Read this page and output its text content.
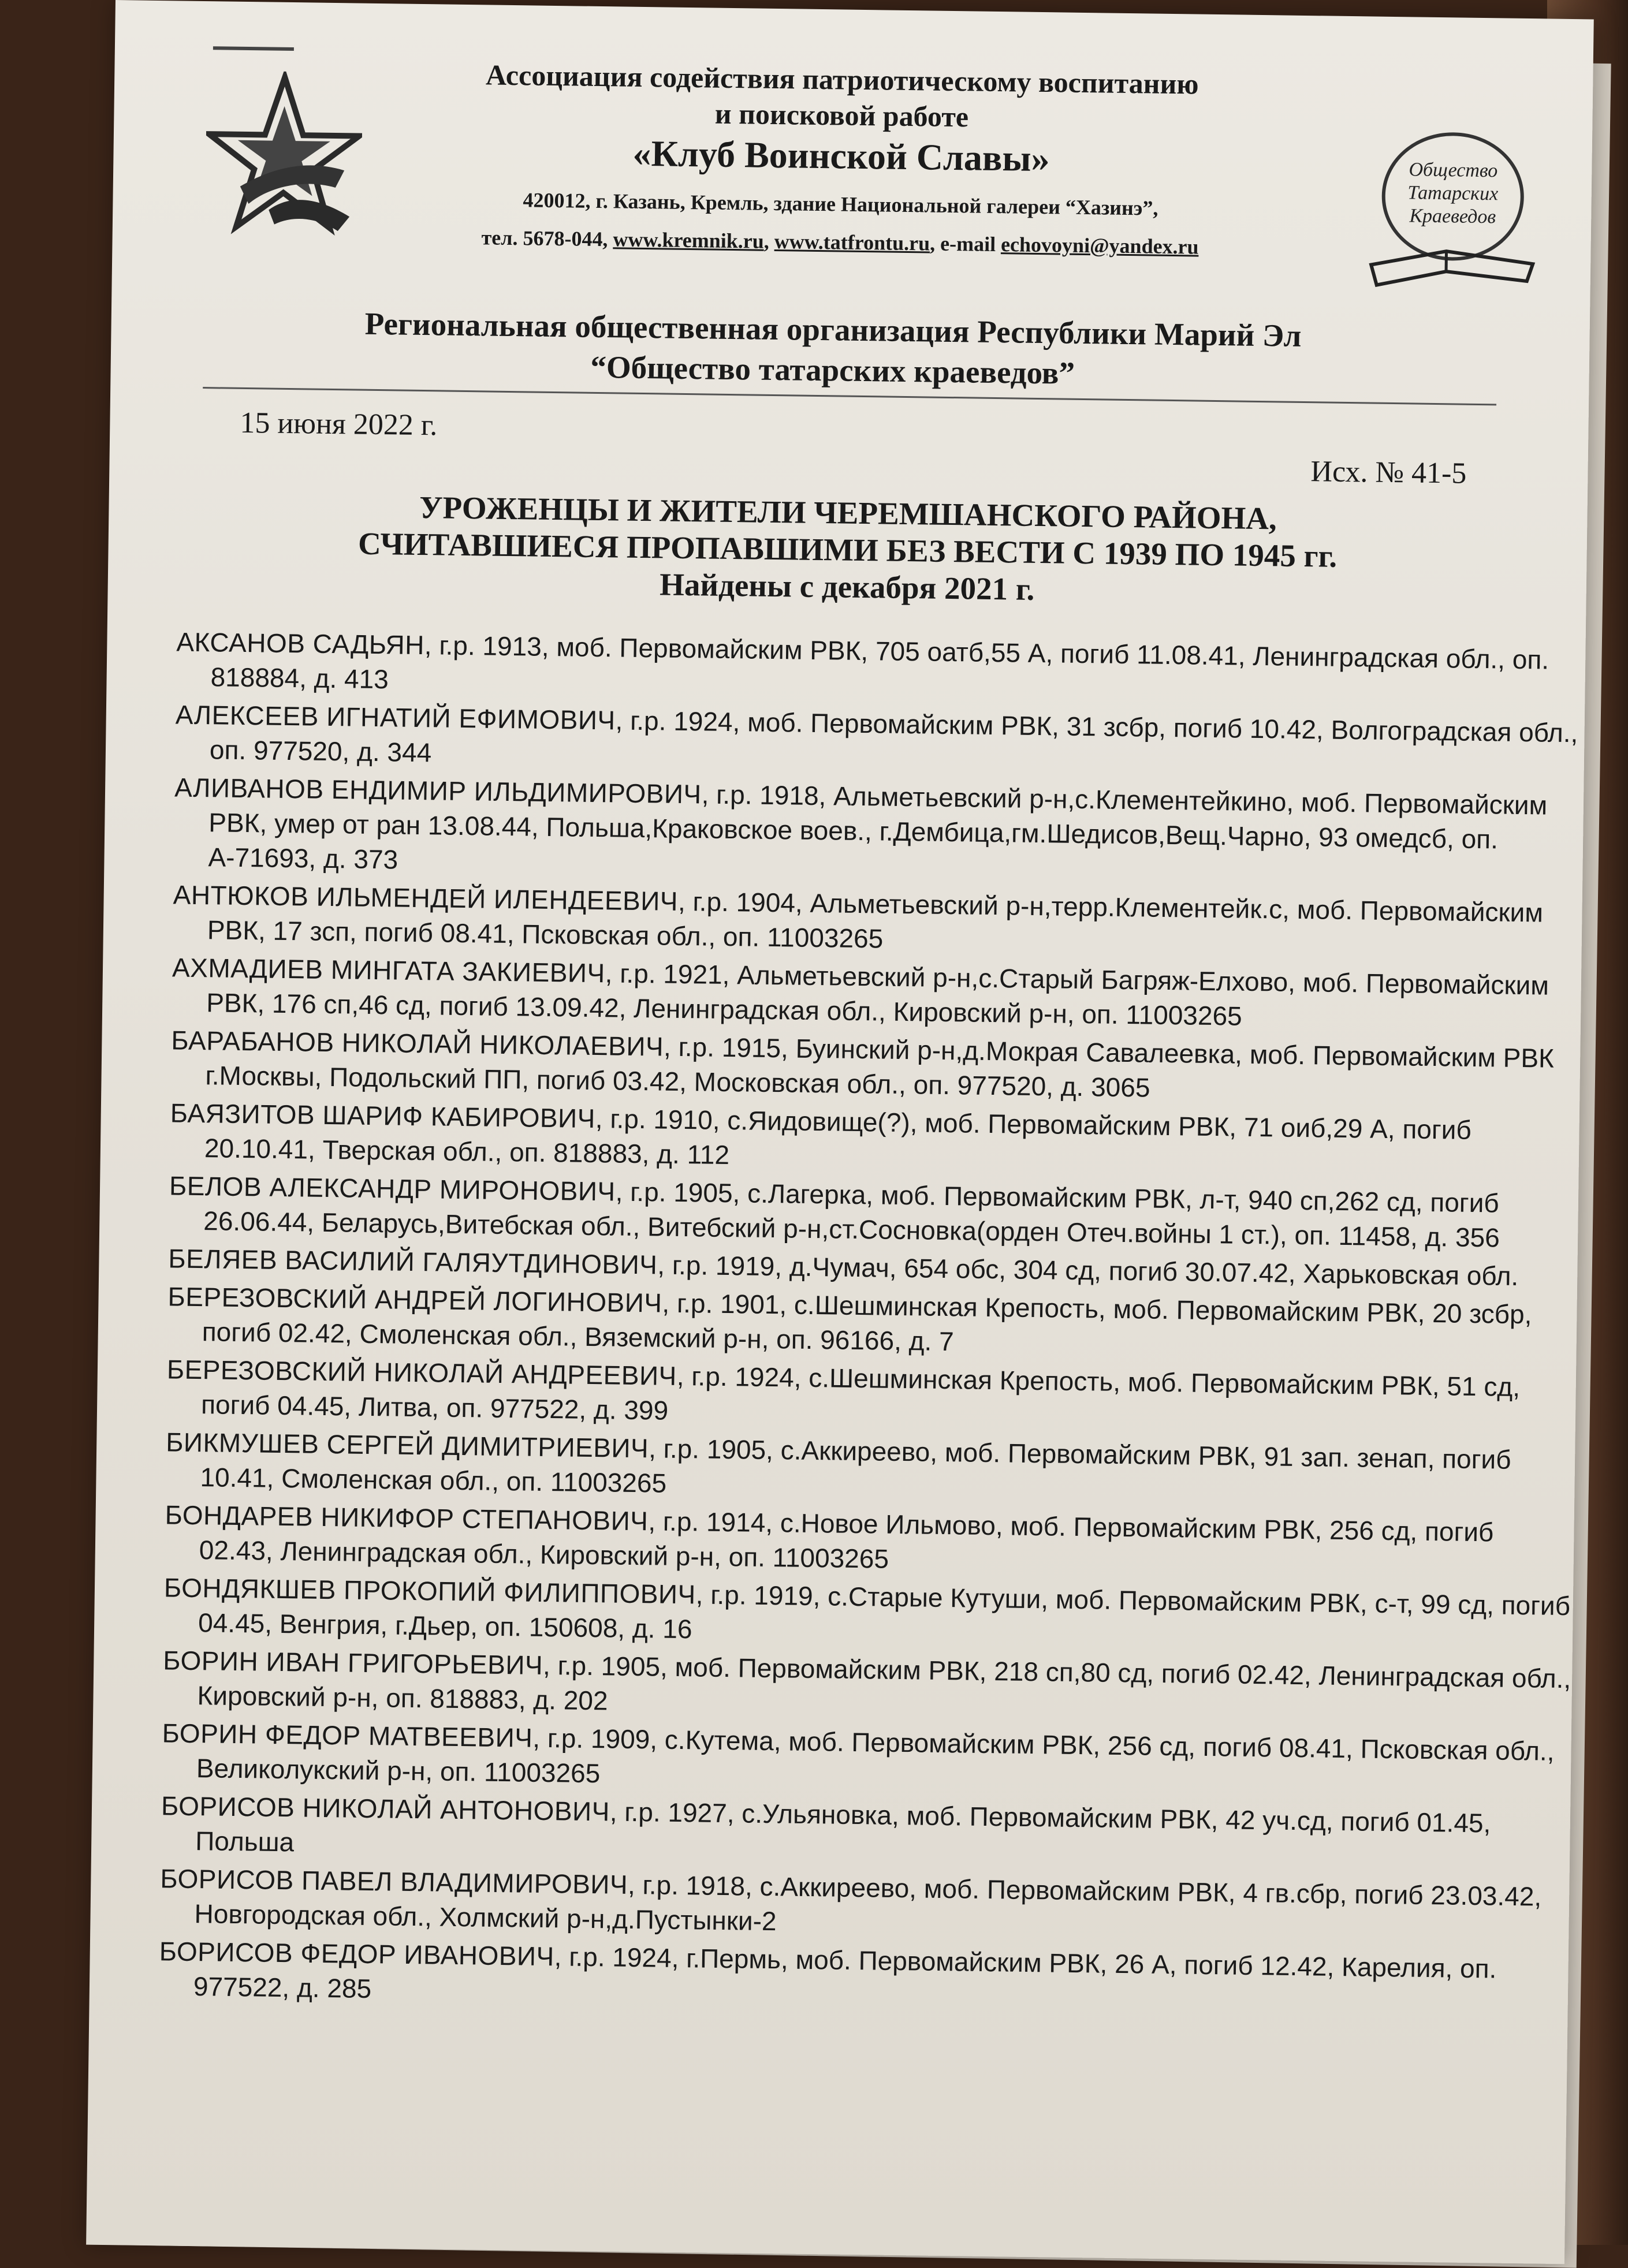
Ассоциация содействия патриотическому воспитанию
и поисковой работе
«Клуб Воинской Славы»
420012, г. Казань, Кремль, здание Национальной галереи “Хазинэ”,
тел. 5678-044, www.kremnik.ru, www.tatfrontu.ru, e-mail echovoyni@yandex.ru
Общество
Татарских
Краеведов
Региональная общественная организация Республики Марий Эл
“Общество татарских краеведов”
15 июня 2022 г.
Исх. № 41-5
УРОЖЕНЦЫ И ЖИТЕЛИ ЧЕРЕМШАНСКОГО РАЙОНА,
СЧИТАВШИЕСЯ ПРОПАВШИМИ БЕЗ ВЕСТИ С 1939 ПО 1945 гг.
Найдены с декабря 2021 г.
АКСАНОВ САДЬЯН, г.р. 1913, моб. Первомайским РВК, 705 оатб,55 А, погиб 11.08.41, Ленинградская обл., оп. 818884, д. 413
АЛЕКСЕЕВ ИГНАТИЙ ЕФИМОВИЧ, г.р. 1924, моб. Первомайским РВК, 31 зсбр, погиб 10.42, Волгоградская обл., оп. 977520, д. 344
АЛИВАНОВ ЕНДИМИР ИЛЬДИМИРОВИЧ, г.р. 1918, Альметьевский р-н,с.Клементейкино, моб. Первомайским РВК, умер от ран 13.08.44, Польша,Краковское воев., г.Дембица,гм.Шедисов,Вещ.Чарно, 93 омедсб, оп. А-71693, д. 373
АНТЮКОВ ИЛЬМЕНДЕЙ ИЛЕНДЕЕВИЧ, г.р. 1904, Альметьевский р-н,терр.Клементейк.с, моб. Первомайским РВК, 17 зсп, погиб 08.41, Псковская обл., оп. 11003265
АХМАДИЕВ МИНГАТА ЗАКИЕВИЧ, г.р. 1921, Альметьевский р-н,с.Старый Багряж-Елхово, моб. Первомайским РВК, 176 сп,46 сд, погиб 13.09.42, Ленинградская обл., Кировский р-н, оп. 11003265
БАРАБАНОВ НИКОЛАЙ НИКОЛАЕВИЧ, г.р. 1915, Буинский р-н,д.Мокрая Савалеевка, моб. Первомайским РВК г.Москвы, Подольский ПП, погиб 03.42, Московская обл., оп. 977520, д. 3065
БАЯЗИТОВ ШАРИФ КАБИРОВИЧ, г.р. 1910, с.Яидовище(?), моб. Первомайским РВК, 71 оиб,29 А, погиб 20.10.41, Тверская обл., оп. 818883, д. 112
БЕЛОВ АЛЕКСАНДР МИРОНОВИЧ, г.р. 1905, с.Лагерка, моб. Первомайским РВК, л-т, 940 сп,262 сд, погиб 26.06.44, Беларусь,Витебская обл., Витебский р-н,ст.Сосновка(орден Отеч.войны 1 ст.), оп. 11458, д. 356
БЕЛЯЕВ ВАСИЛИЙ ГАЛЯУТДИНОВИЧ, г.р. 1919, д.Чумач, 654 обс, 304 сд, погиб 30.07.42, Харьковская обл.
БЕРЕЗОВСКИЙ АНДРЕЙ ЛОГИНОВИЧ, г.р. 1901, с.Шешминская Крепость, моб. Первомайским РВК, 20 зсбр, погиб 02.42, Смоленская обл., Вяземский р-н, оп. 96166, д. 7
БЕРЕЗОВСКИЙ НИКОЛАЙ АНДРЕЕВИЧ, г.р. 1924, с.Шешминская Крепость, моб. Первомайским РВК, 51 сд, погиб 04.45, Литва, оп. 977522, д. 399
БИКМУШЕВ СЕРГЕЙ ДИМИТРИЕВИЧ, г.р. 1905, с.Аккиреево, моб. Первомайским РВК, 91 зап. зенап, погиб 10.41, Смоленская обл., оп. 11003265
БОНДАРЕВ НИКИФОР СТЕПАНОВИЧ, г.р. 1914, с.Новое Ильмово, моб. Первомайским РВК, 256 сд, погиб 02.43, Ленинградская обл., Кировский р-н, оп. 11003265
БОНДЯКШЕВ ПРОКОПИЙ ФИЛИППОВИЧ, г.р. 1919, с.Старые Кутуши, моб. Первомайским РВК, с-т, 99 сд, погиб 04.45, Венгрия, г.Дьер, оп. 150608, д. 16
БОРИН ИВАН ГРИГОРЬЕВИЧ, г.р. 1905, моб. Первомайским РВК, 218 сп,80 сд, погиб 02.42, Ленинградская обл., Кировский р-н, оп. 818883, д. 202
БОРИН ФЕДОР МАТВЕЕВИЧ, г.р. 1909, с.Кутема, моб. Первомайским РВК, 256 сд, погиб 08.41, Псковская обл., Великолукский р-н, оп. 11003265
БОРИСОВ НИКОЛАЙ АНТОНОВИЧ, г.р. 1927, с.Ульяновка, моб. Первомайским РВК, 42 уч.сд, погиб 01.45, Польша
БОРИСОВ ПАВЕЛ ВЛАДИМИРОВИЧ, г.р. 1918, с.Аккиреево, моб. Первомайским РВК, 4 гв.сбр, погиб 23.03.42, Новгородская обл., Холмский р-н,д.Пустынки-2
БОРИСОВ ФЕДОР ИВАНОВИЧ, г.р. 1924, г.Пермь, моб. Первомайским РВК, 26 А, погиб 12.42, Карелия, оп. 977522, д. 285
